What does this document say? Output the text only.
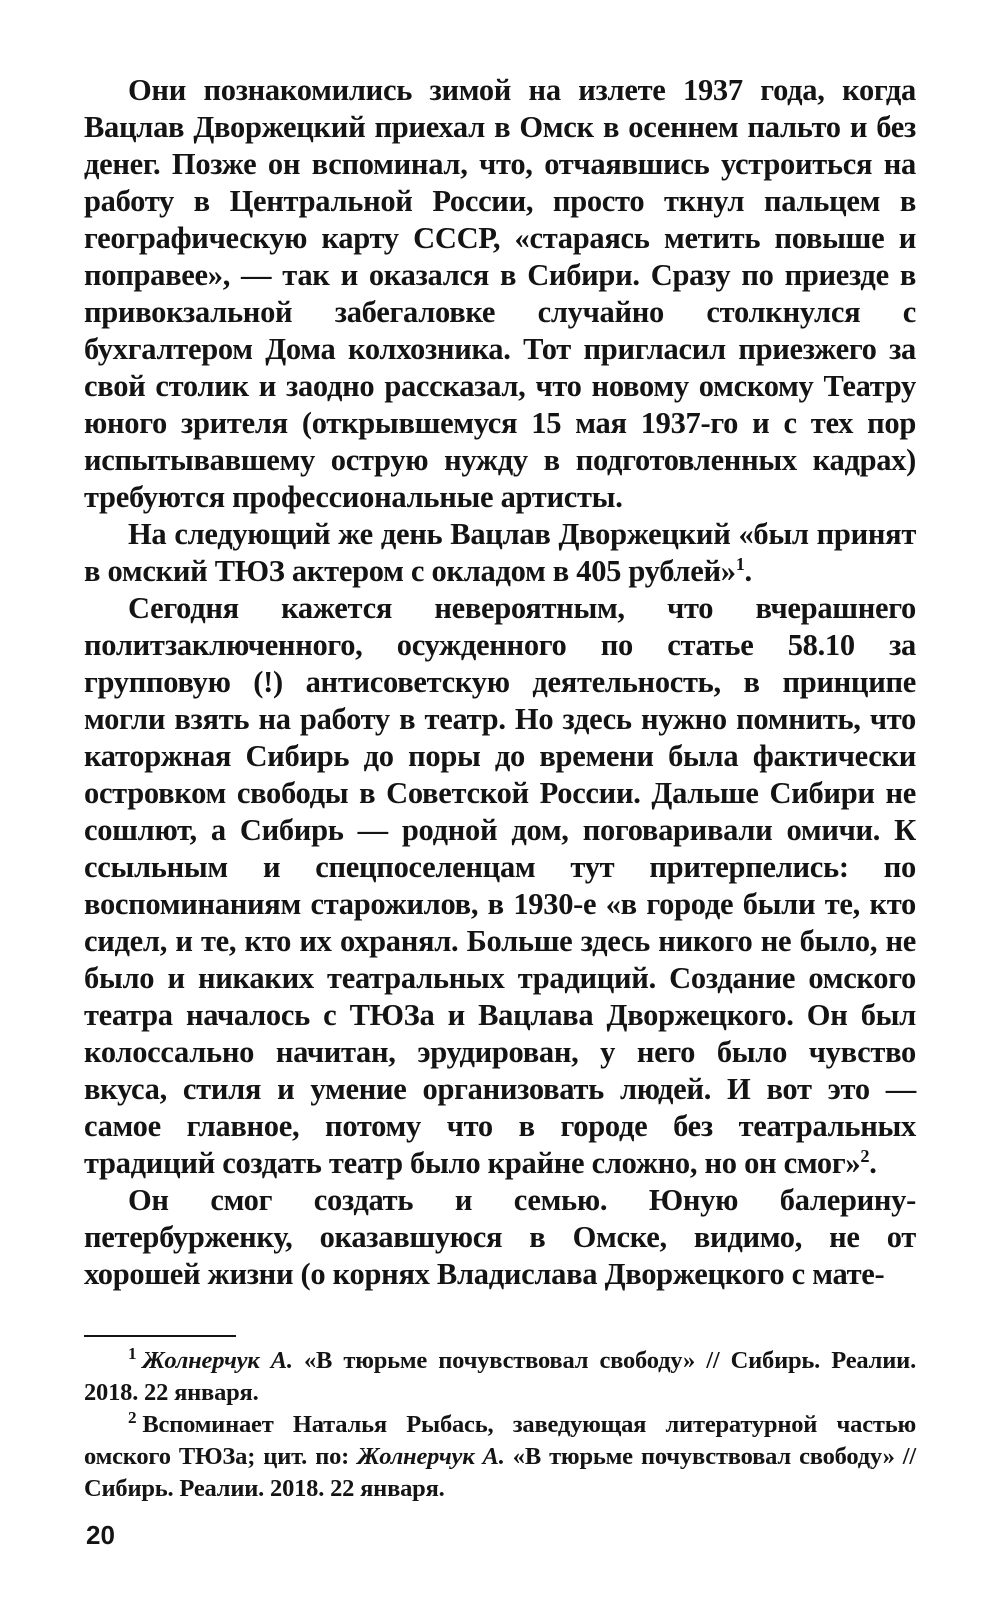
Они познакомились зимой на излете 1937 года, когда Вацлав Дворжецкий приехал в Омск в осеннем пальто и без денег. Позже он вспоминал, что, отчаявшись устроиться на работу в Центральной России, просто ткнул пальцем в географическую карту СССР, «стараясь метить повыше и поправее», — так и оказался в Сибири. Сразу по приезде в привокзальной забегаловке случайно столкнулся с бухгалтером Дома колхозника. Тот пригласил приезжего за свой столик и заодно рассказал, что новому омскому Театру юного зрителя (открывшемуся 15 мая 1937-го и с тех пор испытывавшему острую нужду в подготовленных кадрах) требуются профессиональные артисты.

На следующий же день Вацлав Дворжецкий «был принят в омский ТЮЗ актером с окладом в 405 рублей»$^1$.

Сегодня кажется невероятным, что вчерашнего политзаключенного, осужденного по статье 58.10 за групповую (!) антисоветскую деятельность, в принципе могли взять на работу в театр. Но здесь нужно помнить, что каторжная Сибирь до поры до времени была фактически островком свободы в Советской России. Дальше Сибири не сошлют, а Сибирь — родной дом, поговаривали омичи. К ссыльным и спецпоселенцам тут притерпелись: по воспоминаниям старожилов, в 1930-е «в городе были те, кто сидел, и те, кто их охранял. Больше здесь никого не было, не было и никаких театральных традиций. Создание омского театра началось с ТЮЗа и Вацлава Дворжецкого. Он был колоссально начитан, эрудирован, у него было чувство вкуса, стиля и умение организовать людей. И вот это — самое главное, потому что в городе без театральных традиций создать театр было крайне сложно, но он смог»$^2$.

Он смог создать и семью. Юную балерину-петербурженку, оказавшуюся в Омске, видимо, не от хорошей жизни (о корнях Владислава Дворжецкого с мате-

$^1$ Жолнерчук А. «В тюрьме почувствовал свободу» // Сибирь. Реалии. 2018. 22 января.

$^2$ Вспоминает Наталья Рыбась, заведующая литературной частью омского ТЮЗа; цит. по: Жолнерчук А. «В тюрьме почувствовал свободу» // Сибирь. Реалии. 2018. 22 января.

20
